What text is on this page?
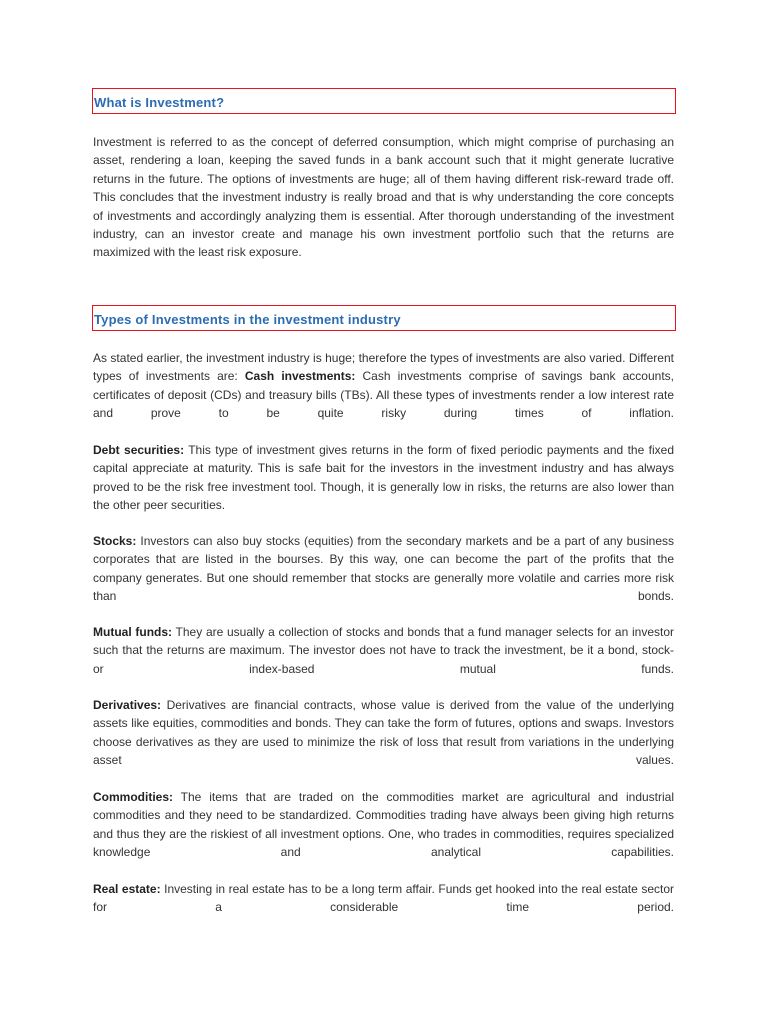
What is Investment?

Investment is referred to as the concept of deferred consumption, which might comprise of purchasing an asset, rendering a loan, keeping the saved funds in a bank account such that it might generate lucrative returns in the future. The options of investments are huge; all of them having different risk-reward trade off. This concludes that the investment industry is really broad and that is why understanding the core concepts of investments and accordingly analyzing them is essential. After thorough understanding of the investment industry, can an investor create and manage his own investment portfolio such that the returns are maximized with the least risk exposure.

Types of Investments in the investment industry

As stated earlier, the investment industry is huge; therefore the types of investments are also varied. Different types of investments are: Cash investments: Cash investments comprise of savings bank accounts, certificates of deposit (CDs) and treasury bills (TBs). All these types of investments render a low interest rate and prove to be quite risky during times of inflation.

Debt securities: This type of investment gives returns in the form of fixed periodic payments and the fixed capital appreciate at maturity. This is safe bait for the investors in the investment industry and has always proved to be the risk free investment tool. Though, it is generally low in risks, the returns are also lower than the other peer securities.

Stocks: Investors can also buy stocks (equities) from the secondary markets and be a part of any business corporates that are listed in the bourses. By this way, one can become the part of the profits that the company generates. But one should remember that stocks are generally more volatile and carries more risk than bonds.

Mutual funds: They are usually a collection of stocks and bonds that a fund manager selects for an investor such that the returns are maximum. The investor does not have to track the investment, be it a bond, stock- or index-based mutual funds.

Derivatives: Derivatives are financial contracts, whose value is derived from the value of the underlying assets like equities, commodities and bonds. They can take the form of futures, options and swaps. Investors choose derivatives as they are used to minimize the risk of loss that result from variations in the underlying asset values.

Commodities: The items that are traded on the commodities market are agricultural and industrial commodities and they need to be standardized. Commodities trading have always been giving high returns and thus they are the riskiest of all investment options. One, who trades in commodities, requires specialized knowledge and analytical capabilities.

Real estate: Investing in real estate has to be a long term affair. Funds get hooked into the real estate sector for a considerable time period.
